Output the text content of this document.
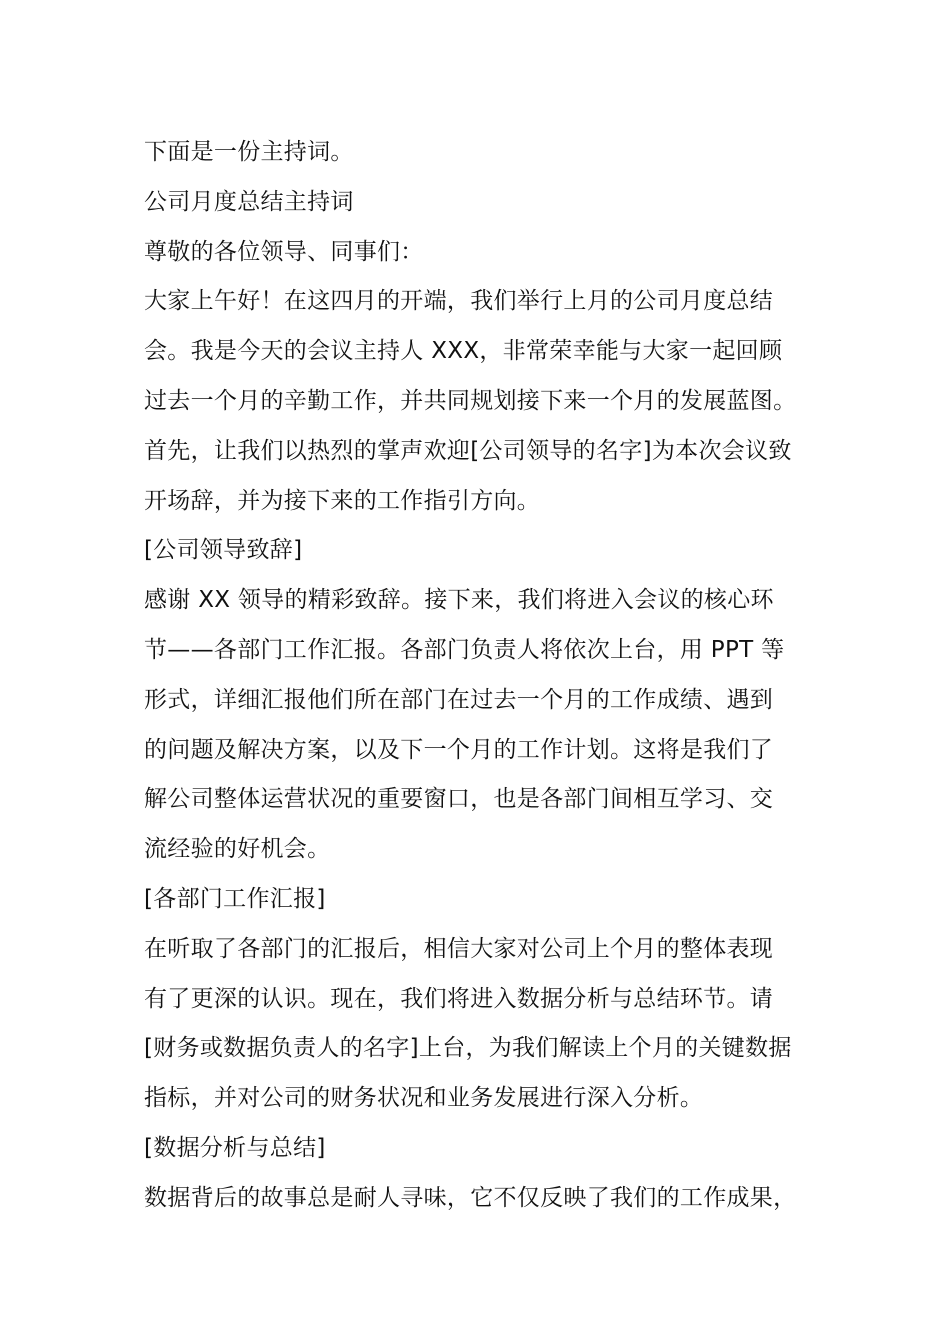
下面是一份主持词。
公司月度总结主持词
尊敬的各位领导、同事们：
大家上午好！在这四月的开端，我们举行上月的公司月度总结
会。我是今天的会议主持人 XXX，非常荣幸能与大家一起回顾
过去一个月的辛勤工作，并共同规划接下来一个月的发展蓝图。
首先，让我们以热烈的掌声欢迎[公司领导的名字]为本次会议致
开场辞，并为接下来的工作指引方向。
[公司领导致辞]
感谢 XX 领导的精彩致辞。接下来，我们将进入会议的核心环
节——各部门工作汇报。各部门负责人将依次上台，用 PPT 等
形式，详细汇报他们所在部门在过去一个月的工作成绩、遇到
的问题及解决方案，以及下一个月的工作计划。这将是我们了
解公司整体运营状况的重要窗口，也是各部门间相互学习、交
流经验的好机会。
[各部门工作汇报]
在听取了各部门的汇报后，相信大家对公司上个月的整体表现
有了更深的认识。现在，我们将进入数据分析与总结环节。请
[财务或数据负责人的名字]上台，为我们解读上个月的关键数据
指标，并对公司的财务状况和业务发展进行深入分析。
[数据分析与总结]
数据背后的故事总是耐人寻味，它不仅反映了我们的工作成果，
